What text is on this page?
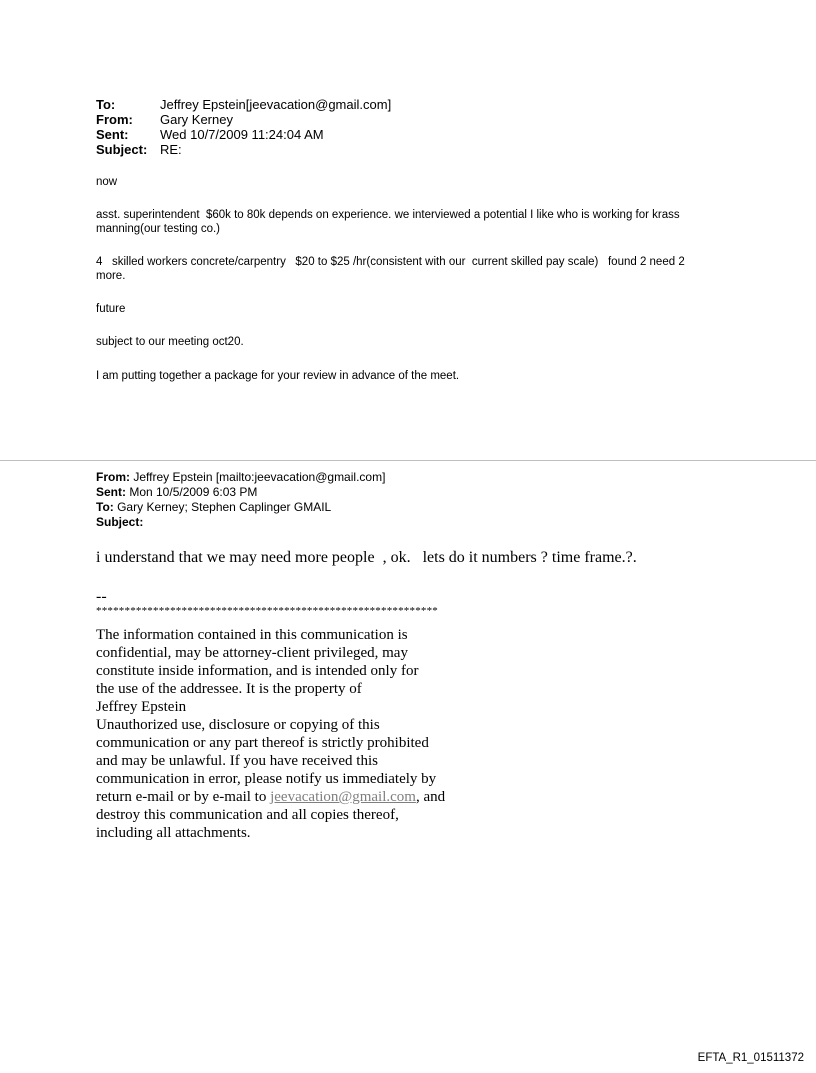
To:	Jeffrey Epstein[jeevacation@gmail.com]
From:	Gary Kerney
Sent:	Wed 10/7/2009 11:24:04 AM
Subject: RE:

now

asst. superintendent  $60k to 80k depends on experience. we interviewed a potential I like who is working for krass manning(our testing co.)

4   skilled workers concrete/carpentry   $20 to $25 /hr(consistent with our  current skilled pay scale)   found 2 need 2 more.

future

subject to our meeting oct20.

I am putting together a package for your review in advance of the meet.

From: Jeffrey Epstein [mailto:jeevacation@gmail.com]
Sent: Mon 10/5/2009 6:03 PM
To: Gary Kerney; Stephen Caplinger GMAIL
Subject:
i understand that we may need more people  , ok.   lets do it numbers ? time frame.?.
--
************************************************************
The information contained in this communication is
confidential, may be attorney-client privileged, may
constitute inside information, and is intended only for
the use of the addressee. It is the property of
Jeffrey Epstein
Unauthorized use, disclosure or copying of this
communication or any part thereof is strictly prohibited
and may be unlawful. If you have received this
communication in error, please notify us immediately by
return e-mail or by e-mail to jeevacation@gmail.com, and
destroy this communication and all copies thereof,
including all attachments.
EFTA_R1_01511372
